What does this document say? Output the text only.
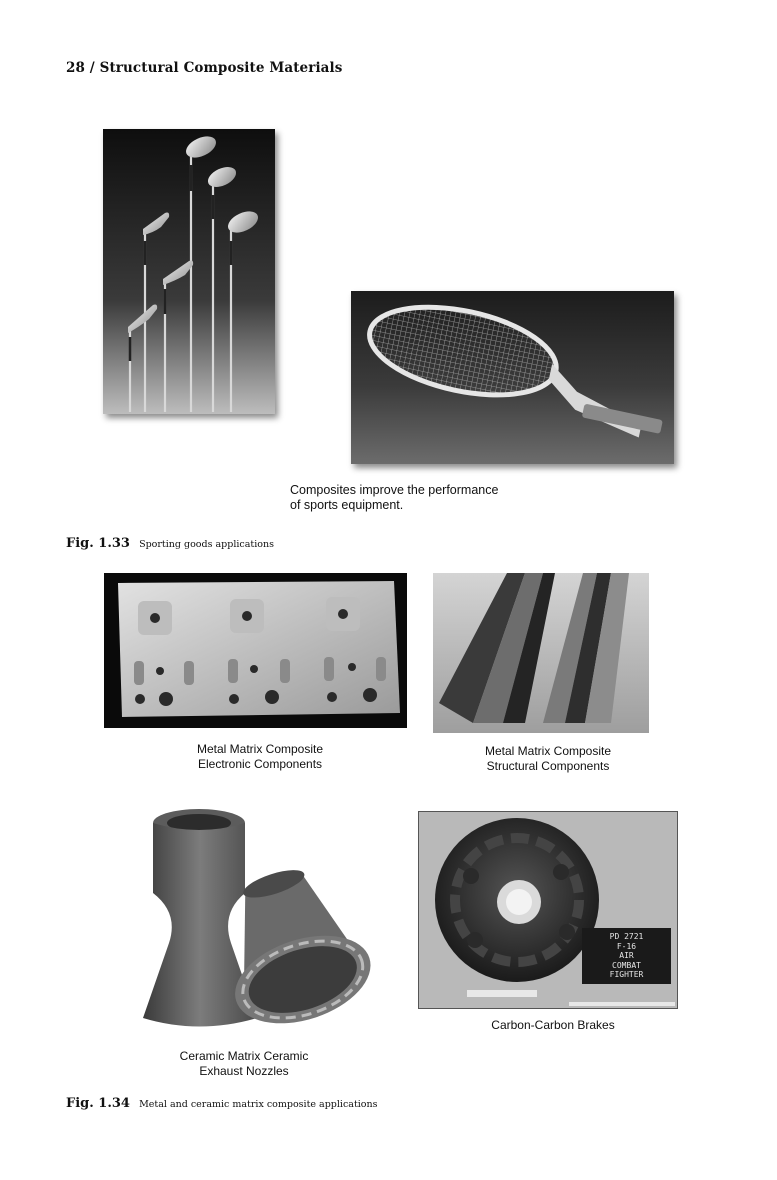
28 / Structural Composite Materials
Composites improve the performance
of sports equipment.
Fig. 1.33 Sporting goods applications
Metal Matrix Composite
Electronic Components
Metal Matrix Composite
Structural Components
Ceramic Matrix Ceramic
Exhaust Nozzles
PD 2721
F-16
AIR
COMBAT
FIGHTER
Carbon-Carbon Brakes
Fig. 1.34 Metal and ceramic matrix composite applications
